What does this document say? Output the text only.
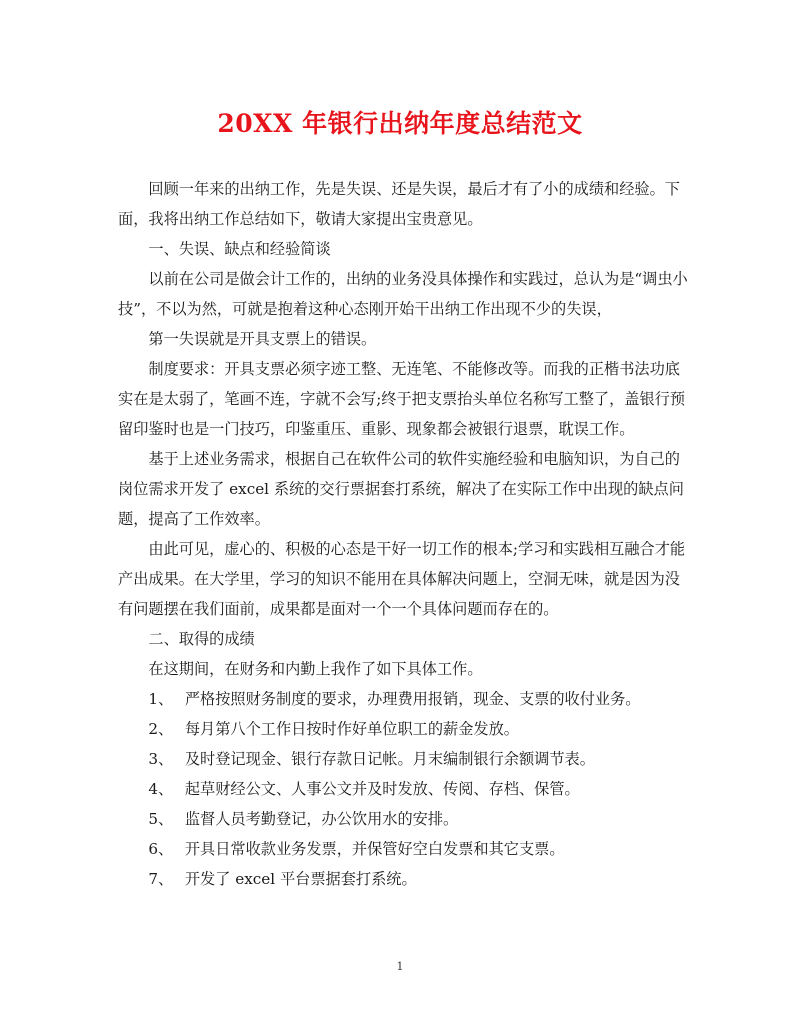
20XX 年银行出纳年度总结范文

回顾一年来的出纳工作，先是失误、还是失误，最后才有了小的成绩和经验。下面，我将出纳工作总结如下，敬请大家提出宝贵意见。

一、失误、缺点和经验简谈

以前在公司是做会计工作的，出纳的业务没具体操作和实践过，总认为是“调虫小技”，不以为然，可就是抱着这种心态刚开始干出纳工作出现不少的失误，

第一失误就是开具支票上的错误。

制度要求：开具支票必须字迹工整、无连笔、不能修改等。而我的正楷书法功底实在是太弱了，笔画不连，字就不会写;终于把支票抬头单位名称写工整了，盖银行预留印鉴时也是一门技巧，印鉴重压、重影、现象都会被银行退票，耽误工作。

基于上述业务需求，根据自己在软件公司的软件实施经验和电脑知识，为自己的岗位需求开发了 excel 系统的交行票据套打系统，解决了在实际工作中出现的缺点问题，提高了工作效率。

由此可见，虚心的、积极的心态是干好一切工作的根本;学习和实践相互融合才能产出成果。在大学里，学习的知识不能用在具体解决问题上，空洞无味，就是因为没有问题摆在我们面前，成果都是面对一个一个具体问题而存在的。

二、取得的成绩

在这期间，在财务和内勤上我作了如下具体工作。

1、 严格按照财务制度的要求，办理费用报销，现金、支票的收付业务。

2、 每月第八个工作日按时作好单位职工的薪金发放。

3、 及时登记现金、银行存款日记帐。月末编制银行余额调节表。

4、 起草财经公文、人事公文并及时发放、传阅、存档、保管。

5、 监督人员考勤登记，办公饮用水的安排。

6、 开具日常收款业务发票，并保管好空白发票和其它支票。

7、 开发了 excel 平台票据套打系统。

1
